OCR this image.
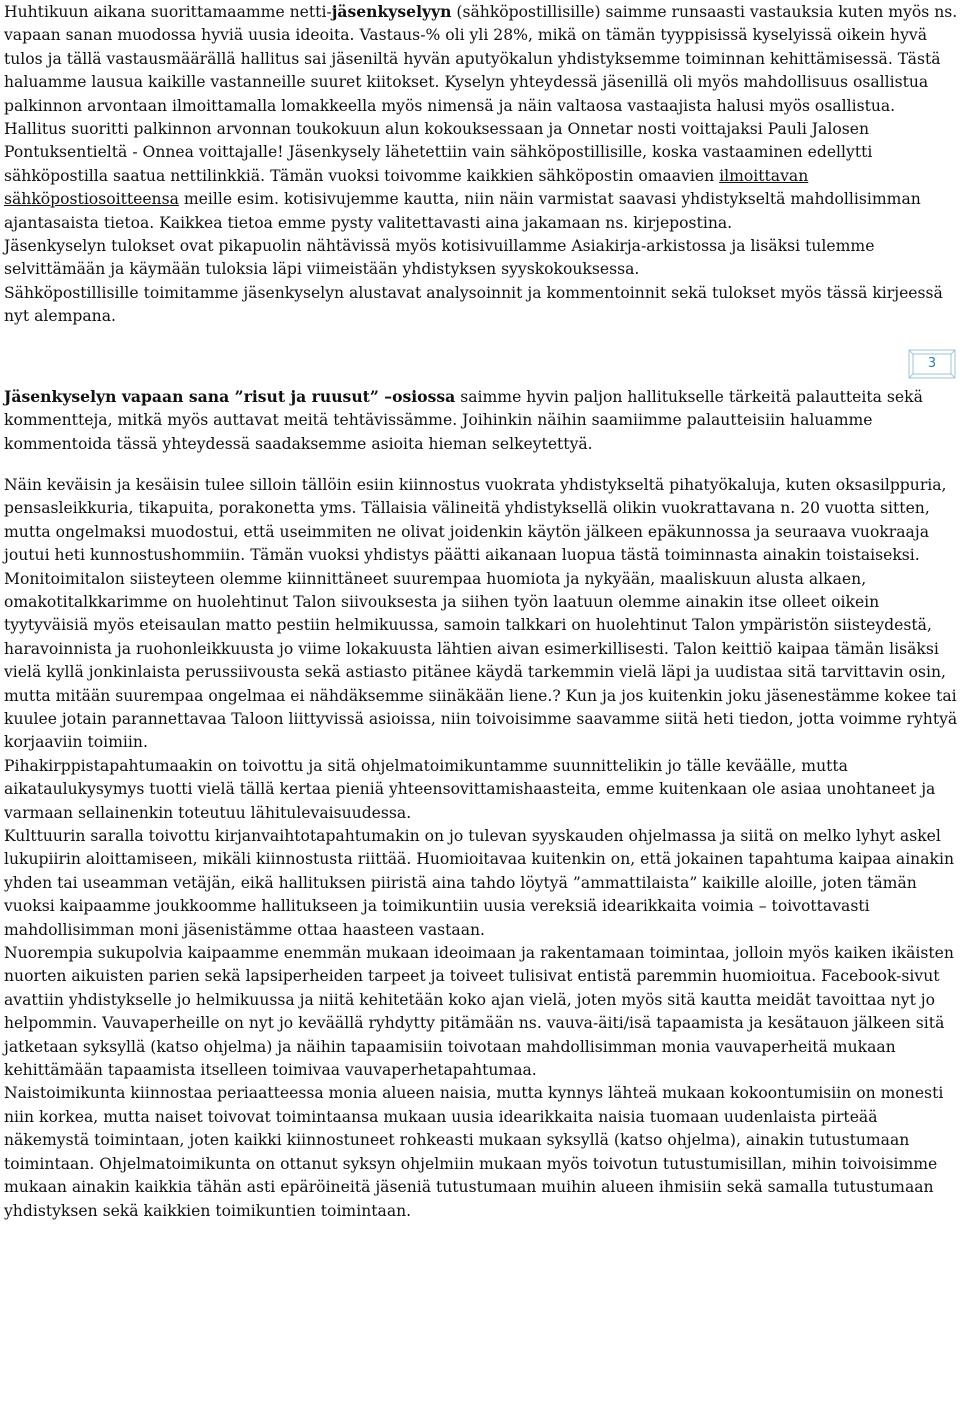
Huhtikuun aikana suorittamaamme netti-jäsenkyselyyn (sähköpostillisille) saimme runsaasti vastauksia kuten myös ns. vapaan sanan muodossa hyviä uusia ideoita. Vastaus-% oli yli 28%, mikä on tämän tyyppisissä kyselyissä oikein hyvä tulos ja tällä vastausmäärällä hallitus sai jäseniltä hyvän aputyökalun yhdistyksemme toiminnan kehittämisessä. Tästä haluamme lausua kaikille vastanneille suuret kiitokset. Kyselyn yhteydessä jäsenillä oli myös mahdollisuus osallistua palkinnon arvontaan ilmoittamalla lomakkeella myös nimensä ja näin valtaosa vastaajista halusi myös osallistua. Hallitus suoritti palkinnon arvonnan toukokuun alun kokouksessaan ja Onnetar nosti voittajaksi Pauli Jalosen Pontuksentieltä - Onnea voittajalle! Jäsenkysely lähetettiin vain sähköpostillisille, koska vastaaminen edellytti sähköpostilla saatua nettilinkkiä. Tämän vuoksi toivomme kaikkien sähköpostin omaavien ilmoittavan sähköpostiosoitteensa meille esim. kotisivujemme kautta, niin näin varmistat saavasi yhdistykseltä mahdollisimman ajantasaista tietoa. Kaikkea tietoa emme pysty valitettavasti aina jakamaan ns. kirjepostina.

Jäsenkyselyn tulokset ovat pikapuolin nähtävissä myös kotisivuillamme Asiakirja-arkistossa ja lisäksi tulemme selvittämään ja käymään tuloksia läpi viimeistään yhdistyksen syyskokouksessa.

Sähköpostillisille toimitamme jäsenkyselyn alustavat analysoinnit ja kommentoinnit sekä tulokset myös tässä kirjeessä nyt alempana.

3

Jäsenkyselyn vapaan sana ”risut ja ruusut” –osiossa saimme hyvin paljon hallitukselle tärkeitä palautteita sekä kommentteja, mitkä myös auttavat meitä tehtävissämme. Joihinkin näihin saamiimme palautteisiin haluamme kommentoida tässä yhteydessä saadaksemme asioita hieman selkeytettyä.

Näin keväisin ja kesäisin tulee silloin tällöin esiin kiinnostus vuokrata yhdistykseltä pihatyökaluja, kuten oksasilppuria, pensasleikkuria, tikapuita, porakonetta yms. Tällaisia välineitä yhdistyksellä olikin vuokrattavana n. 20 vuotta sitten, mutta ongelmaksi muodostui, että useimmiten ne olivat joidenkin käytön jälkeen epäkunnossa ja seuraava vuokraaja joutui heti kunnostushommiin. Tämän vuoksi yhdistys päätti aikanaan luopua tästä toiminnasta ainakin toistaiseksi.

Monitoimitalon siisteyteen olemme kiinnittäneet suurempaa huomiota ja nykyään, maaliskuun alusta alkaen, omakotitalkkarimme on huolehtinut Talon siivouksesta ja siihen työn laatuun olemme ainakin itse olleet oikein tyytyväisiä myös eteisaulan matto pestiin helmikuussa, samoin talkkari on huolehtinut Talon ympäristön siisteydestä, haravoinnista ja ruohonleikkuusta jo viime lokakuusta lähtien aivan esimerkillisesti. Talon keittiö kaipaa tämän lisäksi vielä kyllä jonkinlaista perussiivousta sekä astiasto pitänee käydä tarkemmin vielä läpi ja uudistaa sitä tarvittavin osin, mutta mitään suurempaa ongelmaa ei nähdäksemme siinäkään liene.? Kun ja jos kuitenkin joku jäsenestämme kokee tai kuulee jotain parannettavaa Taloon liittyvissä asioissa, niin toivoisimme saavamme siitä heti tiedon, jotta voimme ryhtyä korjaaviin toimiin.

Pihakirppistapahtumaakin on toivottu ja sitä ohjelmatoimikuntamme suunnittelikin jo tälle keväälle, mutta aikataulukysymys tuotti vielä tällä kertaa pieniä yhteensovittamishaasteita, emme kuitenkaan ole asiaa unohtaneet ja varmaan sellainenkin toteutuu lähitulevaisuudessa.

Kulttuurin saralla toivottu kirjanvaihtotapahtumakin on jo tulevan syyskauden ohjelmassa ja siitä on melko lyhyt askel lukupiirin aloittamiseen, mikäli kiinnostusta riittää. Huomioitavaa kuitenkin on, että jokainen tapahtuma kaipaa ainakin yhden tai useamman vetäjän, eikä hallituksen piiristä aina tahdo löytyä ”ammattilaista” kaikille aloille, joten tämän vuoksi kaipaamme joukkoomme hallitukseen ja toimikuntiin uusia vereksiä idearikkaita voimia – toivottavasti mahdollisimman moni jäsenistämme ottaa haasteen vastaan.

Nuorempia sukupolvia kaipaamme enemmän mukaan ideoimaan ja rakentamaan toimintaa, jolloin myös kaiken ikäisten nuorten aikuisten parien sekä lapsiperheiden tarpeet ja toiveet tulisivat entistä paremmin huomioitua. Facebook-sivut avattiin yhdistykselle jo helmikuussa ja niitä kehitetään koko ajan vielä, joten myös sitä kautta meidät tavoittaa nyt jo helpommin. Vauvaperheille on nyt jo keväällä ryhdytty pitämään ns. vauva-äiti/isä tapaamista ja kesätauon jälkeen sitä jatketaan syksyllä (katso ohjelma) ja näihin tapaamisiin toivotaan mahdollisimman monia vauvaperheitä mukaan kehittämään tapaamista itselleen toimivaa vauvaperhetapahtumaa.

Naistoimikunta kiinnostaa periaatteessa monia alueen naisia, mutta kynnys lähteä mukaan kokoontumisiin on monesti niin korkea, mutta naiset toivovat toimintaansa mukaan uusia idearikkaita naisia tuomaan uudenlaista pirteää näkemystä toimintaan, joten kaikki kiinnostuneet rohkeasti mukaan syksyllä (katso ohjelma), ainakin tutustumaan toimintaan. Ohjelmatoimikunta on ottanut syksyn ohjelmiin mukaan myös toivotun tutustumisillan, mihin toivoisimme mukaan ainakin kaikkia tähän asti epäröineitä jäseniä tutustumaan muihin alueen ihmisiin sekä samalla tutustumaan yhdistyksen sekä kaikkien toimikuntien toimintaan.
